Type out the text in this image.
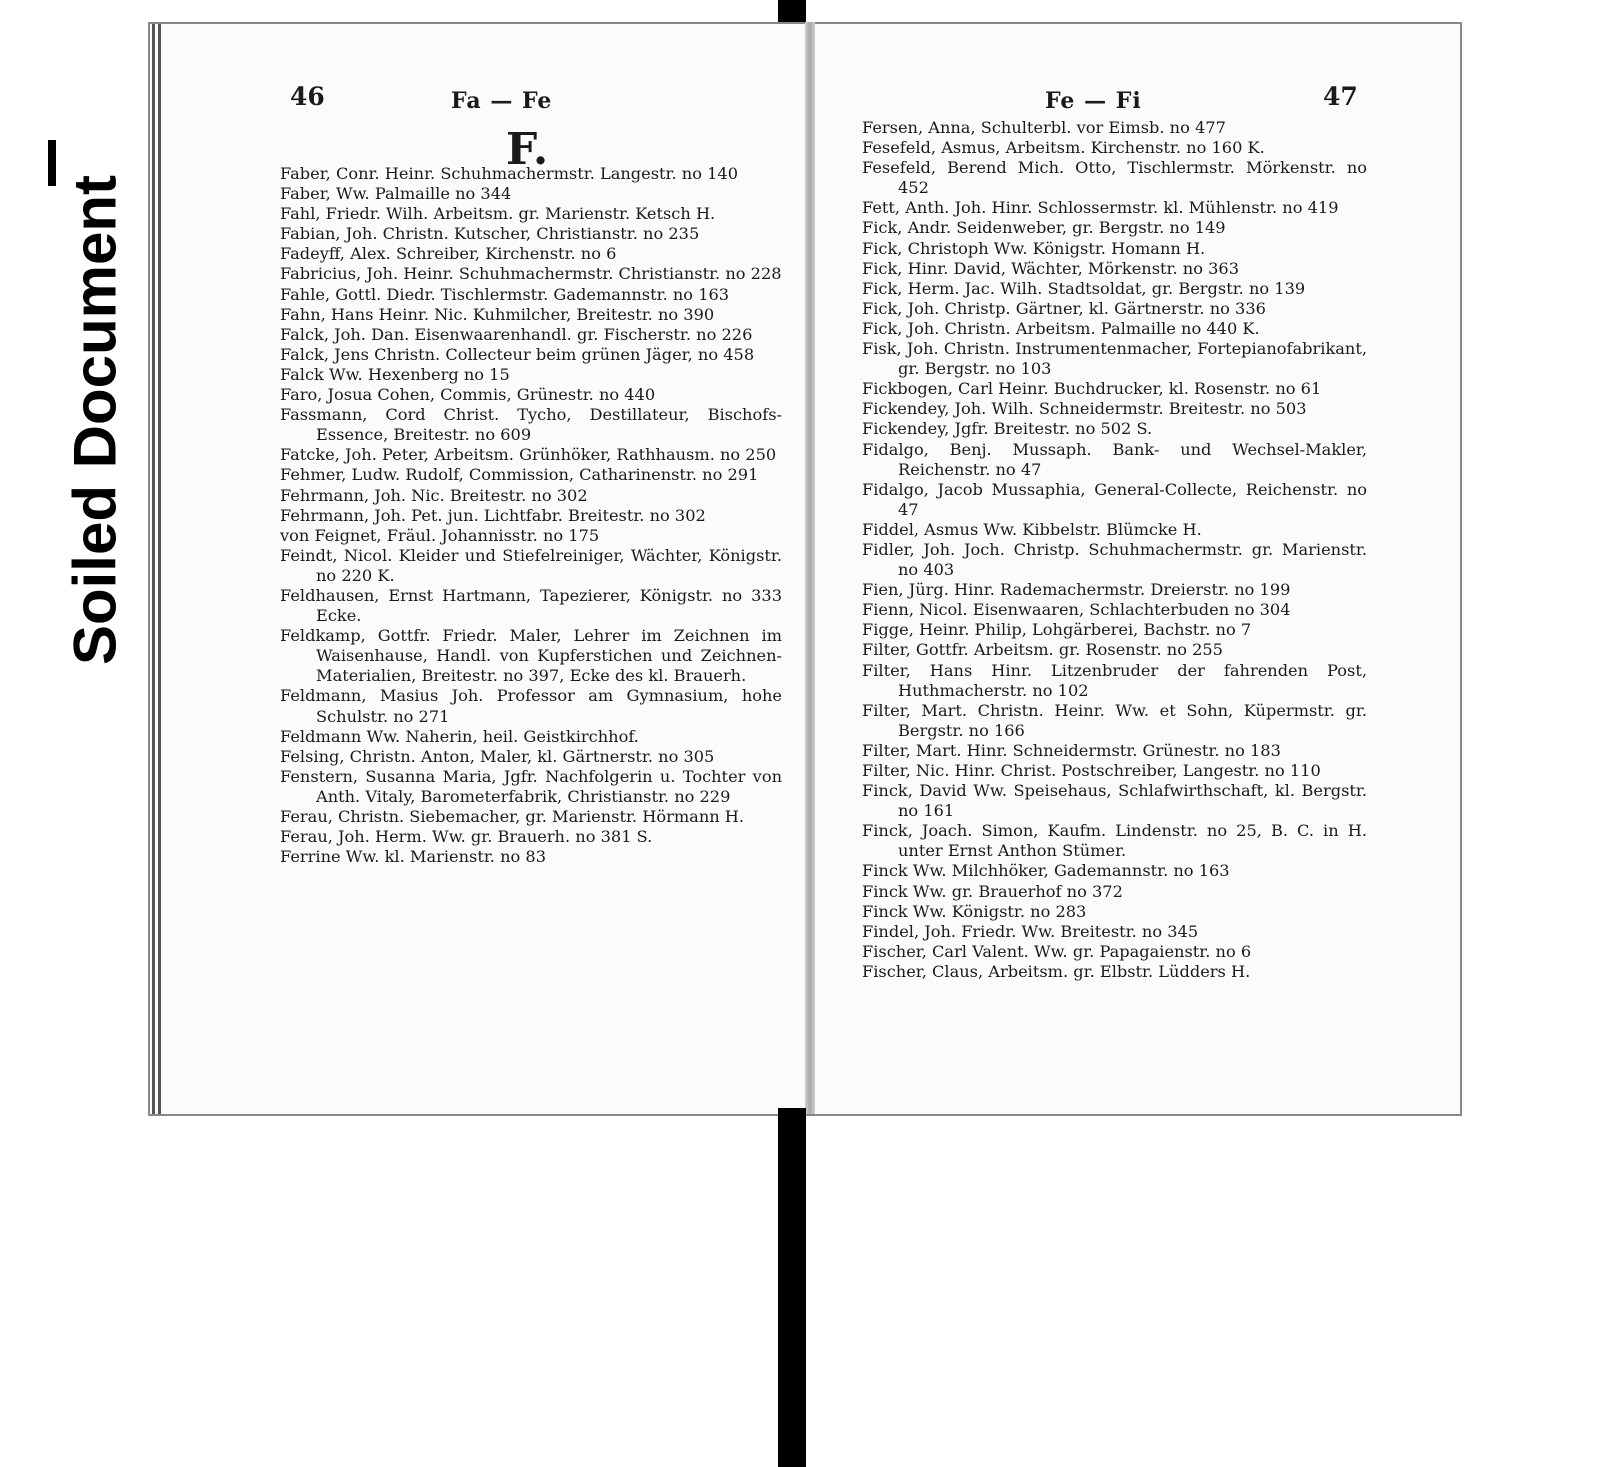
Soiled Document
46	Fa — Fe
F.
Faber, Conr. Heinr. Schuhmachermstr. Langestr. no 140
Faber, Ww. Palmaille no 344
Fahl, Friedr. Wilh. Arbeitsm. gr. Marienstr. Ketsch H.
Fabian, Joh. Christn. Kutscher, Christianstr. no 235
Fadeyff, Alex. Schreiber, Kirchenstr. no 6
Fabricius, Joh. Heinr. Schuhmachermstr. Christianstr. no 228
Fahle, Gottl. Diedr. Tischlermstr. Gademannstr. no 163
Fahn, Hans Heinr. Nic. Kuhmilcher, Breitestr. no 390
Falck, Joh. Dan. Eisenwaarenhandl. gr. Fischerstr. no 226
Falck, Jens Christn. Collecteur beim grünen Jäger, no 458
Falck Ww. Hexenberg no 15
Faro, Josua Cohen, Commis, Grünestr. no 440
Fassmann, Cord Christ. Tycho, Destillateur, Bischofs-Essence, Breitestr. no 609
Fatcke, Joh. Peter, Arbeitsm. Grünhöker, Rathhausm. no 250
Fehmer, Ludw. Rudolf, Commission, Catharinenstr. no 291
Fehrmann, Joh. Nic. Breitestr. no 302
Fehrmann, Joh. Pet. jun. Lichtfabr. Breitestr. no 302
von Feignet, Fräul. Johannisstr. no 175
Feindt, Nicol. Kleider und Stiefelreiniger, Wächter, Königstr. no 220 K.
Feldhausen, Ernst Hartmann, Tapezierer, Königstr. no 333 Ecke.
Feldkamp, Gottfr. Friedr. Maler, Lehrer im Zeichnen im Waisenhause, Handl. von Kupferstichen und Zeichnen-Materialien, Breitestr. no 397, Ecke des kl. Brauerh.
Feldmann, Masius Joh. Professor am Gymnasium, hohe Schulstr. no 271
Feldmann Ww. Naherin, heil. Geistkirchhof.
Felsing, Christn. Anton, Maler, kl. Gärtnerstr. no 305
Fenstern, Susanna Maria, Jgfr. Nachfolgerin u. Tochter von Anth. Vitaly, Barometerfabrik, Christianstr. no 229
Ferau, Christn. Siebemacher, gr. Marienstr. Hörmann H.
Ferau, Joh. Herm. Ww. gr. Brauerh. no 381 S.
Ferrine Ww. kl. Marienstr. no 83
47
Fe — Fi
Fersen, Anna, Schulterbl. vor Eimsb. no 477
Fesefeld, Asmus, Arbeitsm. Kirchenstr. no 160 K.
Fesefeld, Berend Mich. Otto, Tischlermstr. Mörkenstr. no 452
Fett, Anth. Joh. Hinr. Schlossermstr. kl. Mühlenstr. no 419
Fick, Andr. Seidenweber, gr. Bergstr. no 149
Fick, Christoph Ww. Königstr. Homann H.
Fick, Hinr. David, Wächter, Mörkenstr. no 363
Fick, Herm. Jac. Wilh. Stadtsoldat, gr. Bergstr. no 139
Fick, Joh. Christp. Gärtner, kl. Gärtnerstr. no 336
Fick, Joh. Christn. Arbeitsm. Palmaille no 440 K.
Fisk, Joh. Christn. Instrumentenmacher, Fortepianofabrikant, gr. Bergstr. no 103
Fickbogen, Carl Heinr. Buchdrucker, kl. Rosenstr. no 61
Fickendey, Joh. Wilh. Schneidermstr. Breitestr. no 503
Fickendey, Jgfr. Breitestr. no 502 S.
Fidalgo, Benj. Mussaph. Bank- und Wechsel-Makler, Reichenstr. no 47
Fidalgo, Jacob Mussaphia, General-Collecte, Reichenstr. no 47
Fiddel, Asmus Ww. Kibbelstr. Blümcke H.
Fidler, Joh. Joch. Christp. Schuhmachermstr. gr. Marienstr. no 403
Fien, Jürg. Hinr. Rademachermstr. Dreierstr. no 199
Fienn, Nicol. Eisenwaaren, Schlachterbuden no 304
Figge, Heinr. Philip, Lohgärberei, Bachstr. no 7
Filter, Gottfr. Arbeitsm. gr. Rosenstr. no 255
Filter, Hans Hinr. Litzenbruder der fahrenden Post, Huthmacherstr. no 102
Filter, Mart. Christn. Heinr. Ww. et Sohn, Küpermstr. gr. Bergstr. no 166
Filter, Mart. Hinr. Schneidermstr. Grünestr. no 183
Filter, Nic. Hinr. Christ. Postschreiber, Langestr. no 110
Finck, David Ww. Speisehaus, Schlafwirthschaft, kl. Bergstr. no 161
Finck, Joach. Simon, Kaufm. Lindenstr. no 25, B. C. in H. unter Ernst Anthon Stümer.
Finck Ww. Milchhöker, Gademannstr. no 163
Finck Ww. gr. Brauerhof no 372
Finck Ww. Königstr. no 283
Findel, Joh. Friedr. Ww. Breitestr. no 345
Fischer, Carl Valent. Ww. gr. Papagaienstr. no 6
Fischer, Claus, Arbeitsm. gr. Elbstr. Lüdders H.
